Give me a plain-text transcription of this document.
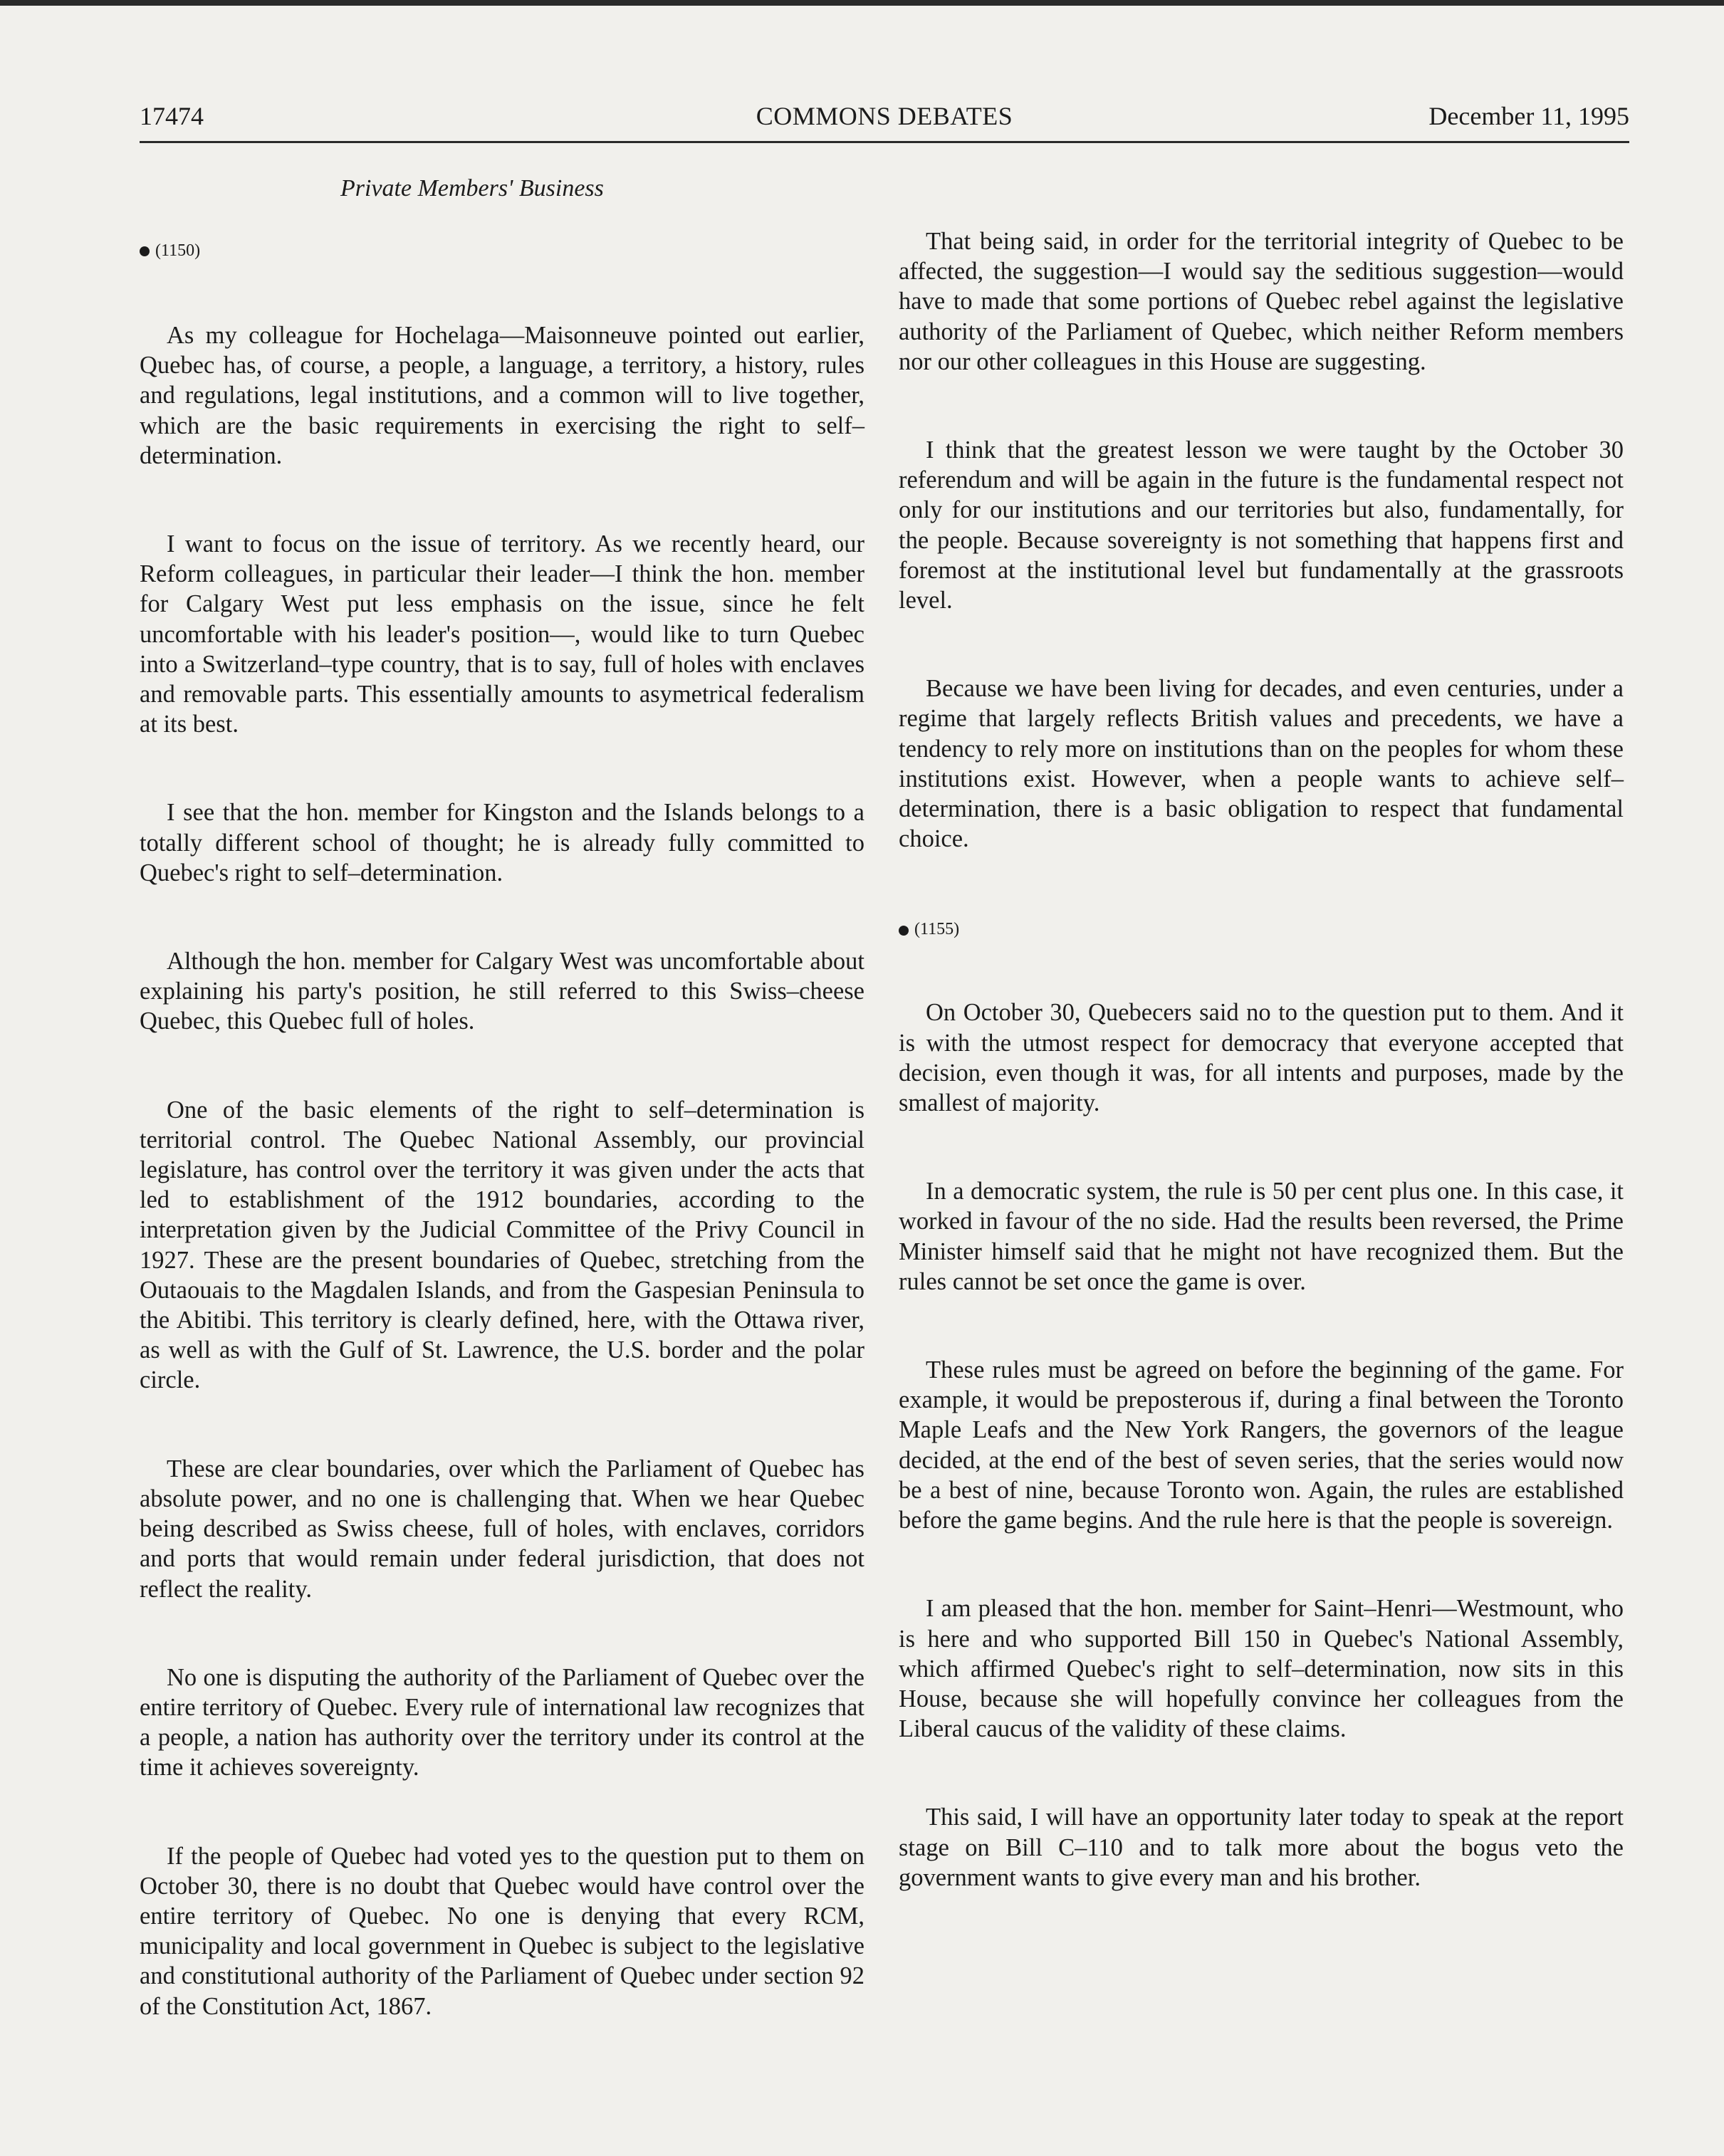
17474	COMMONS DEBATES	December 11, 1995
Private Members' Business
(1150)

As my colleague for Hochelaga—Maisonneuve pointed out earlier, Quebec has, of course, a people, a language, a territory, a history, rules and regulations, legal institutions, and a common will to live together, which are the basic requirements in exercising the right to self–determination.

I want to focus on the issue of territory. As we recently heard, our Reform colleagues, in particular their leader—I think the hon. member for Calgary West put less emphasis on the issue, since he felt uncomfortable with his leader's position—, would like to turn Quebec into a Switzerland–type country, that is to say, full of holes with enclaves and removable parts. This essentially amounts to asymetrical federalism at its best.

I see that the hon. member for Kingston and the Islands belongs to a totally different school of thought; he is already fully committed to Quebec's right to self–determination.

Although the hon. member for Calgary West was uncomfortable about explaining his party's position, he still referred to this Swiss–cheese Quebec, this Quebec full of holes.

One of the basic elements of the right to self–determination is territorial control. The Quebec National Assembly, our provincial legislature, has control over the territory it was given under the acts that led to establishment of the 1912 boundaries, according to the interpretation given by the Judicial Committee of the Privy Council in 1927. These are the present boundaries of Quebec, stretching from the Outaouais to the Magdalen Islands, and from the Gaspesian Peninsula to the Abitibi. This territory is clearly defined, here, with the Ottawa river, as well as with the Gulf of St. Lawrence, the U.S. border and the polar circle.

These are clear boundaries, over which the Parliament of Quebec has absolute power, and no one is challenging that. When we hear Quebec being described as Swiss cheese, full of holes, with enclaves, corridors and ports that would remain under federal jurisdiction, that does not reflect the reality.

No one is disputing the authority of the Parliament of Quebec over the entire territory of Quebec. Every rule of international law recognizes that a people, a nation has authority over the territory under its control at the time it achieves sovereignty.

If the people of Quebec had voted yes to the question put to them on October 30, there is no doubt that Quebec would have control over the entire territory of Quebec. No one is denying that every RCM, municipality and local government in Quebec is subject to the legislative and constitutional authority of the Parliament of Quebec under section 92 of the Constitution Act, 1867.

That being said, in order for the territorial integrity of Quebec to be affected, the suggestion—I would say the seditious suggestion—would have to made that some portions of Quebec rebel against the legislative authority of the Parliament of Quebec, which neither Reform members nor our other colleagues in this House are suggesting.

I think that the greatest lesson we were taught by the October 30 referendum and will be again in the future is the fundamental respect not only for our institutions and our territories but also, fundamentally, for the people. Because sovereignty is not something that happens first and foremost at the institutional level but fundamentally at the grassroots level.

Because we have been living for decades, and even centuries, under a regime that largely reflects British values and precedents, we have a tendency to rely more on institutions than on the peoples for whom these institutions exist. However, when a people wants to achieve self–determination, there is a basic obligation to respect that fundamental choice.

(1155)

On October 30, Quebecers said no to the question put to them. And it is with the utmost respect for democracy that everyone accepted that decision, even though it was, for all intents and purposes, made by the smallest of majority.

In a democratic system, the rule is 50 per cent plus one. In this case, it worked in favour of the no side. Had the results been reversed, the Prime Minister himself said that he might not have recognized them. But the rules cannot be set once the game is over.

These rules must be agreed on before the beginning of the game. For example, it would be preposterous if, during a final between the Toronto Maple Leafs and the New York Rangers, the governors of the league decided, at the end of the best of seven series, that the series would now be a best of nine, because Toronto won. Again, the rules are established before the game begins. And the rule here is that the people is sovereign.

I am pleased that the hon. member for Saint–Henri—Westmount, who is here and who supported Bill 150 in Quebec's National Assembly, which affirmed Quebec's right to self–determination, now sits in this House, because she will hopefully convince her colleagues from the Liberal caucus of the validity of these claims.

This said, I will have an opportunity later today to speak at the report stage on Bill C–110 and to talk more about the bogus veto the government wants to give every man and his brother.
